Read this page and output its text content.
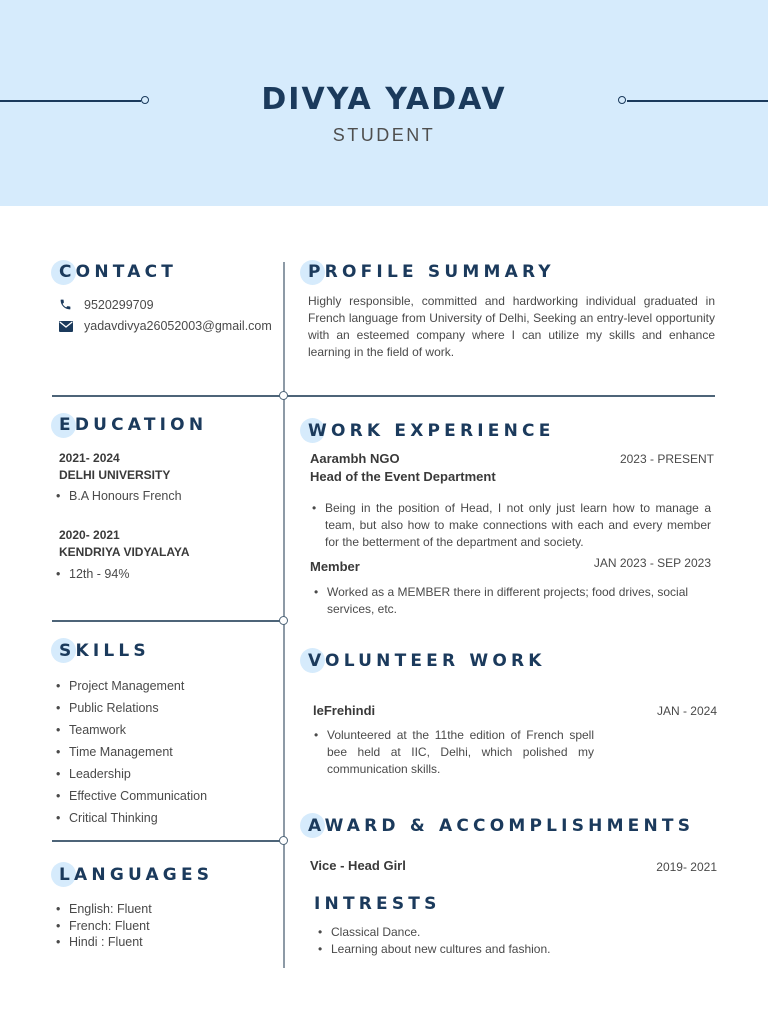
DIVYA YADAV
STUDENT
CONTACT
9520299709
yadavdivya26052003@gmail.com
PROFILE SUMMARY
Highly responsible, committed and hardworking individual graduated in French language from University of Delhi, Seeking an entry-level opportunity with an esteemed company where I can utilize my skills and enhance learning in the field of work.
EDUCATION
2021- 2024
DELHI UNIVERSITY
• B.A Honours French
2020- 2021
KENDRIYA VIDYALAYA
• 12th - 94%
WORK EXPERIENCE
Aarambh NGO	2023 - PRESENT
Head of the Event Department
• Being in the position of Head, I not only just learn how to manage a team, but also how to make connections with each and every member for the betterment of the department and society.
Member	JAN 2023 - SEP 2023
• Worked as a MEMBER there in different projects; food drives, social services, etc.
SKILLS
• Project Management
• Public Relations
• Teamwork
• Time Management
• Leadership
• Effective Communication
• Critical Thinking
VOLUNTEER WORK
leFrehindi	JAN - 2024
• Volunteered at the 11the edition of French spell bee held at IIC, Delhi, which polished my communication skills.
AWARD & ACCOMPLISHMENTS
Vice - Head Girl	2019- 2021
LANGUAGES
• English: Fluent
• French: Fluent
• Hindi : Fluent
INTRESTS
• Classical Dance.
• Learning about new cultures and fashion.
